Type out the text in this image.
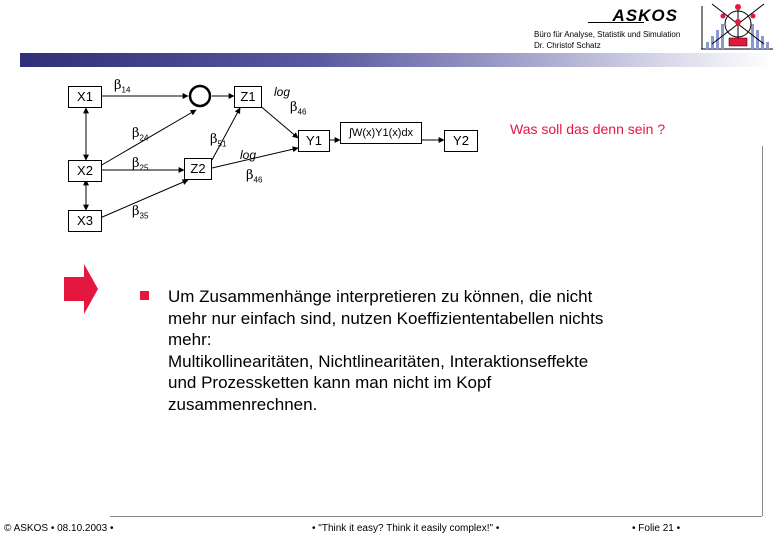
ASKOS
Büro für Analyse, Statistik und Simulation
Dr. Christof Schatz
X1
X2
X3
Z1
Z2
Y1	Y2
∫W(x)Y1(x)dx
$\beta_{14}$
$\beta_{24}$
$\beta_{25}$
$\beta_{35}$
$\beta_{51}$
$\beta_{46}$
$\beta_{46}$
log
log
Was soll das denn sein ?
Um Zusammenhänge interpretieren zu können, die nicht
mehr nur einfach sind, nutzen Koeffiziententabellen nichts
mehr:
Multikollinearitäten, Nichtlinearitäten, Interaktionseffekte
und Prozessketten kann man nicht im Kopf
zusammenrechnen.
© ASKOS • 08.10.2003 •	• "Think it easy? Think it easily complex!" •	• Folie 21 •
